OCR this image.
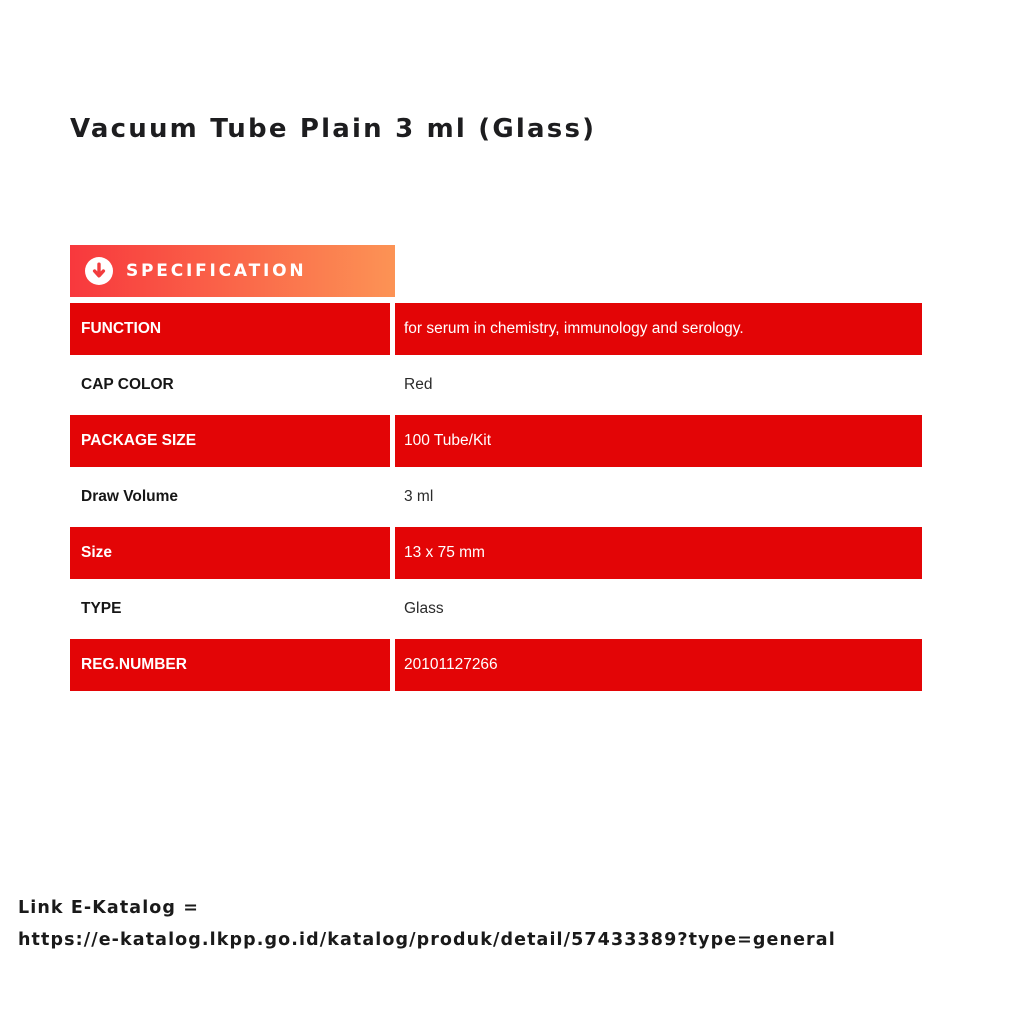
Vacuum Tube Plain 3 ml (Glass)
SPECIFICATION
FUNCTION	for serum in chemistry, immunology and serology.
CAP COLOR	Red
PACKAGE SIZE	100 Tube/Kit
Draw Volume	3 ml
Size	13 x 75 mm
TYPE	Glass
REG.NUMBER	20101127266
Link E-Katalog =
https://e-katalog.lkpp.go.id/katalog/produk/detail/57433389?type=general
